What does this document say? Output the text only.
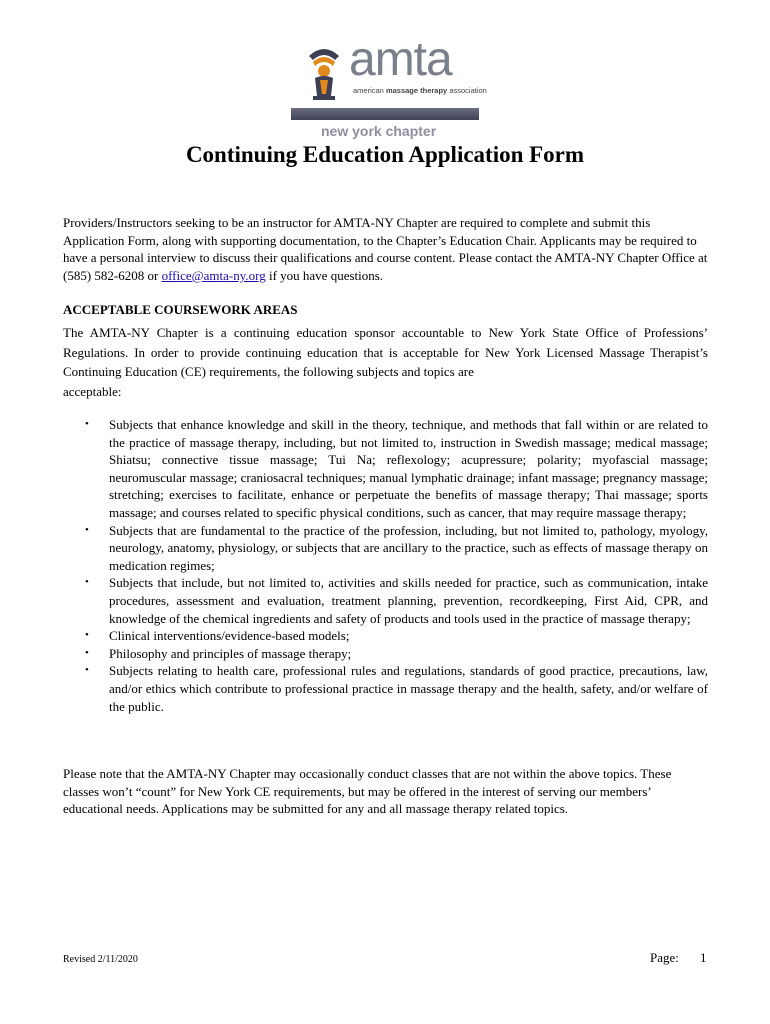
amta
american massage therapy association
new york chapter
Continuing Education Application Form

Providers/Instructors seeking to be an instructor for AMTA-NY Chapter are required to complete and submit this Application Form, along with supporting documentation, to the Chapter’s Education Chair. Applicants may be required to have a personal interview to discuss their qualifications and course content. Please contact the AMTA-NY Chapter Office at (585) 582-6208 or office@amta-ny.org if you have questions.

ACCEPTABLE COURSEWORK AREAS

The AMTA-NY Chapter is a continuing education sponsor accountable to New York State Office of Professions’ Regulations. In order to provide continuing education that is acceptable for New York Licensed Massage Therapist’s Continuing Education (CE) requirements, the following subjects and topics are
acceptable:

• Subjects that enhance knowledge and skill in the theory, technique, and methods that fall within or are related to the practice of massage therapy, including, but not limited to, instruction in Swedish massage; medical massage; Shiatsu; connective tissue massage; Tui Na; reflexology; acupressure; polarity; myofascial massage; neuromuscular massage; craniosacral techniques; manual lymphatic drainage; infant massage; pregnancy massage; stretching; exercises to facilitate, enhance or perpetuate the benefits of massage therapy; Thai massage; sports massage; and courses related to specific physical conditions, such as cancer, that may require massage therapy;
• Subjects that are fundamental to the practice of the profession, including, but not limited to, pathology, myology, neurology, anatomy, physiology, or subjects that are ancillary to the practice, such as effects of massage therapy on medication regimes;
• Subjects that include, but not limited to, activities and skills needed for practice, such as communication, intake procedures, assessment and evaluation, treatment planning, prevention, recordkeeping, First Aid, CPR, and knowledge of the chemical ingredients and safety of products and tools used in the practice of massage therapy;
• Clinical interventions/evidence-based models;
• Philosophy and principles of massage therapy;
• Subjects relating to health care, professional rules and regulations, standards of good practice, precautions, law, and/or ethics which contribute to professional practice in massage therapy and the health, safety, and/or welfare of the public.

Please note that the AMTA-NY Chapter may occasionally conduct classes that are not within the above topics. These classes won’t “count” for New York CE requirements, but may be offered in the interest of serving our members’ educational needs. Applications may be submitted for any and all massage therapy related topics.

Revised 2/11/2020	Page: 1
